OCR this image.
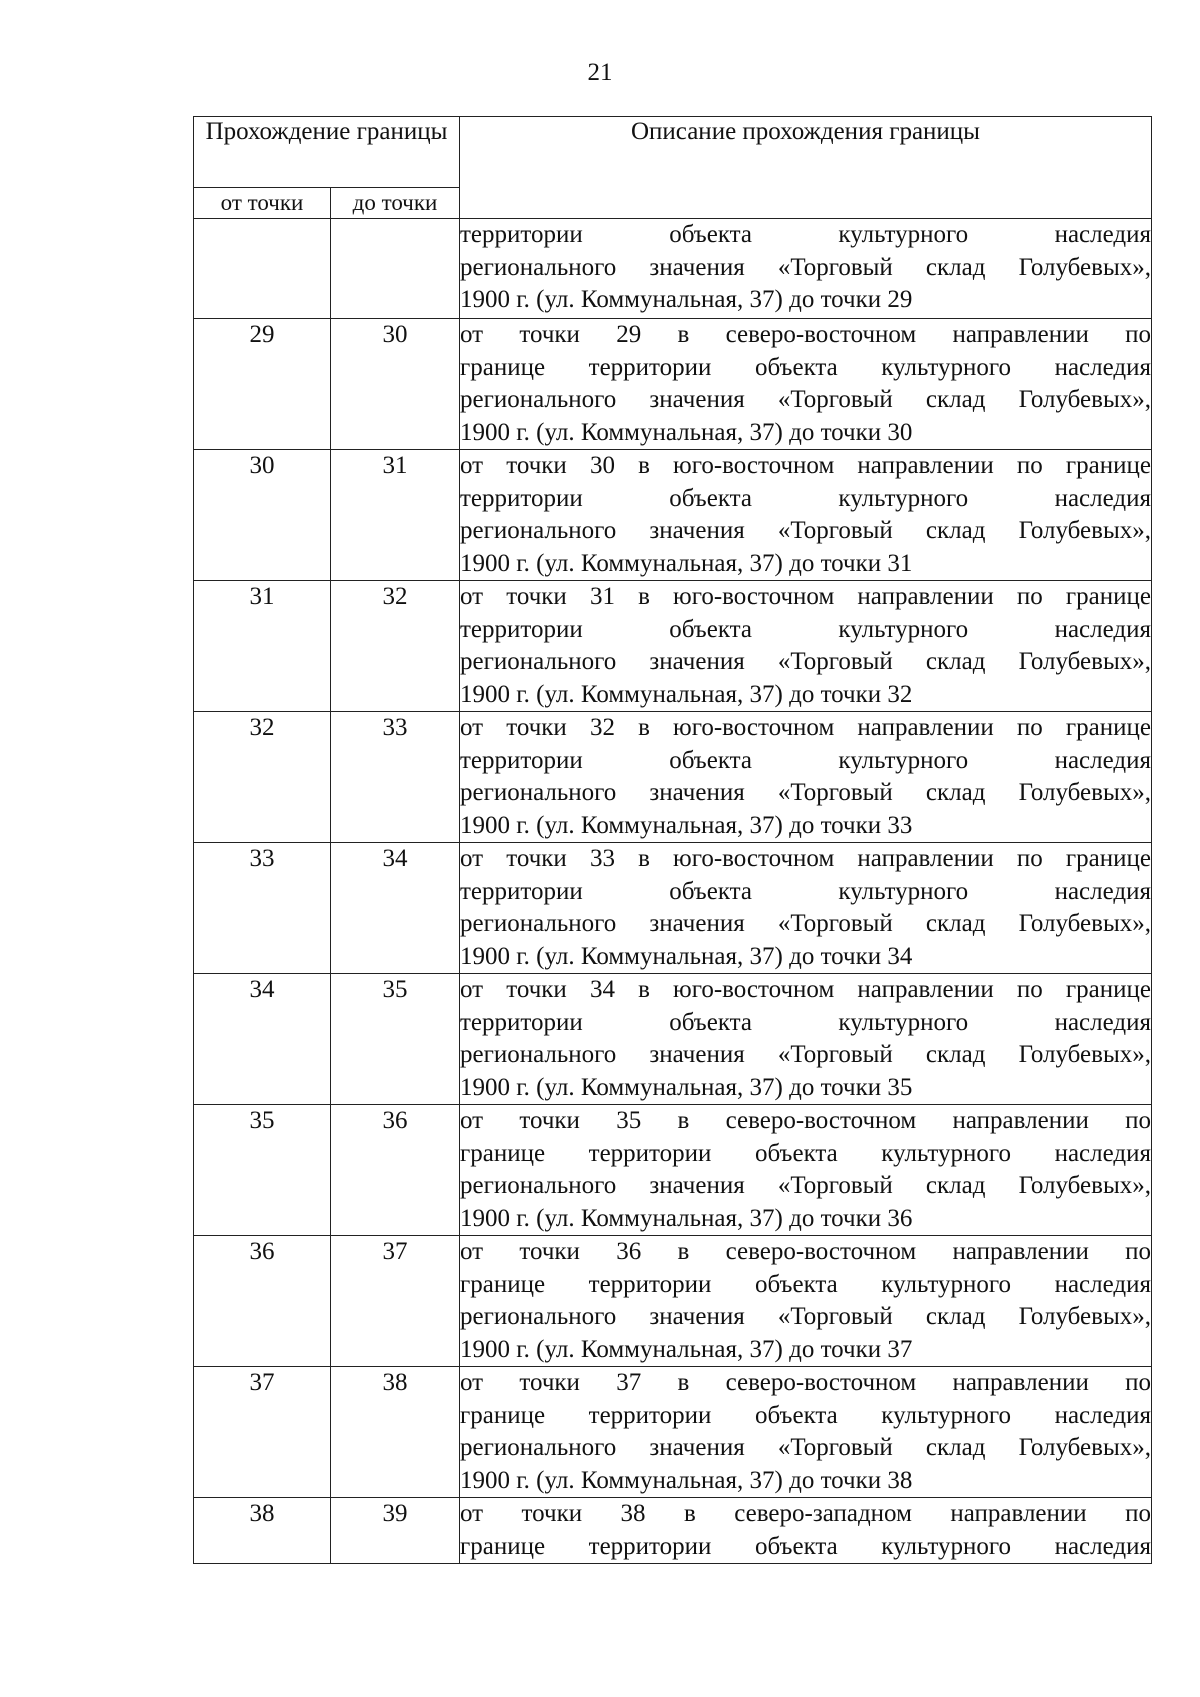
21
Прохождение границы		Описание прохождения границы
от точки	до точки	

		территории объекта культурного наследия
регионального значения «Торговый склад Голубевых»,
1900 г. (ул. Коммунальная, 37) до точки 29

29	30	от точки 29 в северо-восточном направлении по
границе территории объекта культурного наследия
регионального значения «Торговый склад Голубевых»,
1900 г. (ул. Коммунальная, 37) до точки 30

30	31	от точки 30 в юго-восточном направлении по границе
территории объекта культурного наследия
регионального значения «Торговый склад Голубевых»,
1900 г. (ул. Коммунальная, 37) до точки 31

31	32	от точки 31 в юго-восточном направлении по границе
территории объекта культурного наследия
регионального значения «Торговый склад Голубевых»,
1900 г. (ул. Коммунальная, 37) до точки 32

32	33	от точки 32 в юго-восточном направлении по границе
территории объекта культурного наследия
регионального значения «Торговый склад Голубевых»,
1900 г. (ул. Коммунальная, 37) до точки 33

33	34	от точки 33 в юго-восточном направлении по границе
территории объекта культурного наследия
регионального значения «Торговый склад Голубевых»,
1900 г. (ул. Коммунальная, 37) до точки 34

34	35	от точки 34 в юго-восточном направлении по границе
территории объекта культурного наследия
регионального значения «Торговый склад Голубевых»,
1900 г. (ул. Коммунальная, 37) до точки 35

35	36	от точки 35 в северо-восточном направлении по
границе территории объекта культурного наследия
регионального значения «Торговый склад Голубевых»,
1900 г. (ул. Коммунальная, 37) до точки 36

36	37	от точки 36 в северо-восточном направлении по
границе территории объекта культурного наследия
регионального значения «Торговый склад Голубевых»,
1900 г. (ул. Коммунальная, 37) до точки 37

37	38	от точки 37 в северо-восточном направлении по
границе территории объекта культурного наследия
регионального значения «Торговый склад Голубевых»,
1900 г. (ул. Коммунальная, 37) до точки 38

38	39	от точки 38 в северо-западном направлении по
границе территории объекта культурного наследия
